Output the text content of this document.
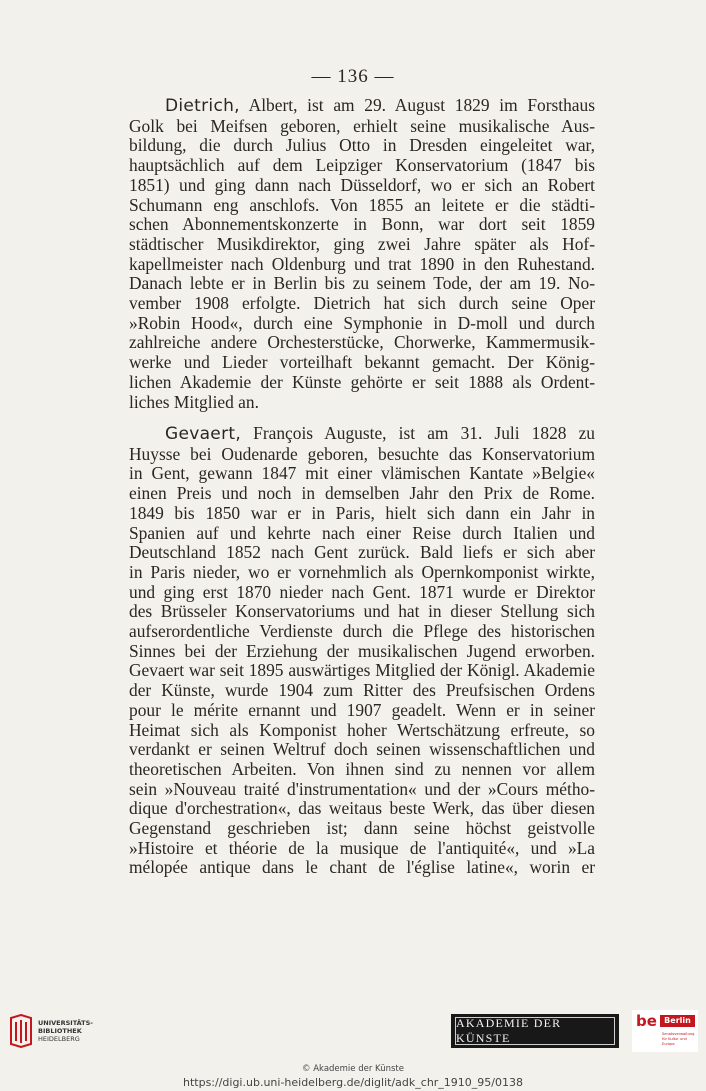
— 136 —
Dietrich, Albert, ist am 29. August 1829 im Forsthaus
Golk bei Meifsen geboren, erhielt seine musikalische Aus-
bildung, die durch Julius Otto in Dresden eingeleitet war,
hauptsächlich auf dem Leipziger Konservatorium (1847 bis
1851) und ging dann nach Düsseldorf, wo er sich an Robert
Schumann eng anschlofs. Von 1855 an leitete er die städti-
schen Abonnementskonzerte in Bonn, war dort seit 1859
städtischer Musikdirektor, ging zwei Jahre später als Hof-
kapellmeister nach Oldenburg und trat 1890 in den Ruhestand.
Danach lebte er in Berlin bis zu seinem Tode, der am 19. No-
vember 1908 erfolgte. Dietrich hat sich durch seine Oper
»Robin Hood«, durch eine Symphonie in D-moll und durch
zahlreiche andere Orchesterstücke, Chorwerke, Kammermusik-
werke und Lieder vorteilhaft bekannt gemacht. Der König-
lichen Akademie der Künste gehörte er seit 1888 als Ordent-
liches Mitglied an.
Gevaert, François Auguste, ist am 31. Juli 1828 zu
Huysse bei Oudenarde geboren, besuchte das Konservatorium
in Gent, gewann 1847 mit einer vlämischen Kantate »Belgie«
einen Preis und noch in demselben Jahr den Prix de Rome.
1849 bis 1850 war er in Paris, hielt sich dann ein Jahr in
Spanien auf und kehrte nach einer Reise durch Italien und
Deutschland 1852 nach Gent zurück. Bald liefs er sich aber
in Paris nieder, wo er vornehmlich als Opernkomponist wirkte,
und ging erst 1870 nieder nach Gent. 1871 wurde er Direktor
des Brüsseler Konservatoriums und hat in dieser Stellung sich
aufserordentliche Verdienste durch die Pflege des historischen
Sinnes bei der Erziehung der musikalischen Jugend erworben.
Gevaert war seit 1895 auswärtiges Mitglied der Königl. Akademie
der Künste, wurde 1904 zum Ritter des Preufsischen Ordens
pour le mérite ernannt und 1907 geadelt. Wenn er in seiner
Heimat sich als Komponist hoher Wertschätzung erfreute, so
verdankt er seinen Weltruf doch seinen wissenschaftlichen und
theoretischen Arbeiten. Von ihnen sind zu nennen vor allem
sein »Nouveau traité d'instrumentation« und der »Cours métho-
dique d'orchestration«, das weitaus beste Werk, das über diesen
Gegenstand geschrieben ist; dann seine höchst geistvolle
»Histoire et théorie de la musique de l'antiquité«, und »La
mélopée antique dans le chant de l'église latine«, worin er
UNIVERSITÄTS-
BIBLIOTHEK
HEIDELBERG
AKADEMIE DER KÜNSTE
be Berlin
Senatsverwaltung für Kultur und Europa
© Akademie der Künste
https://digi.ub.uni-heidelberg.de/diglit/adk_chr_1910_95/0138
